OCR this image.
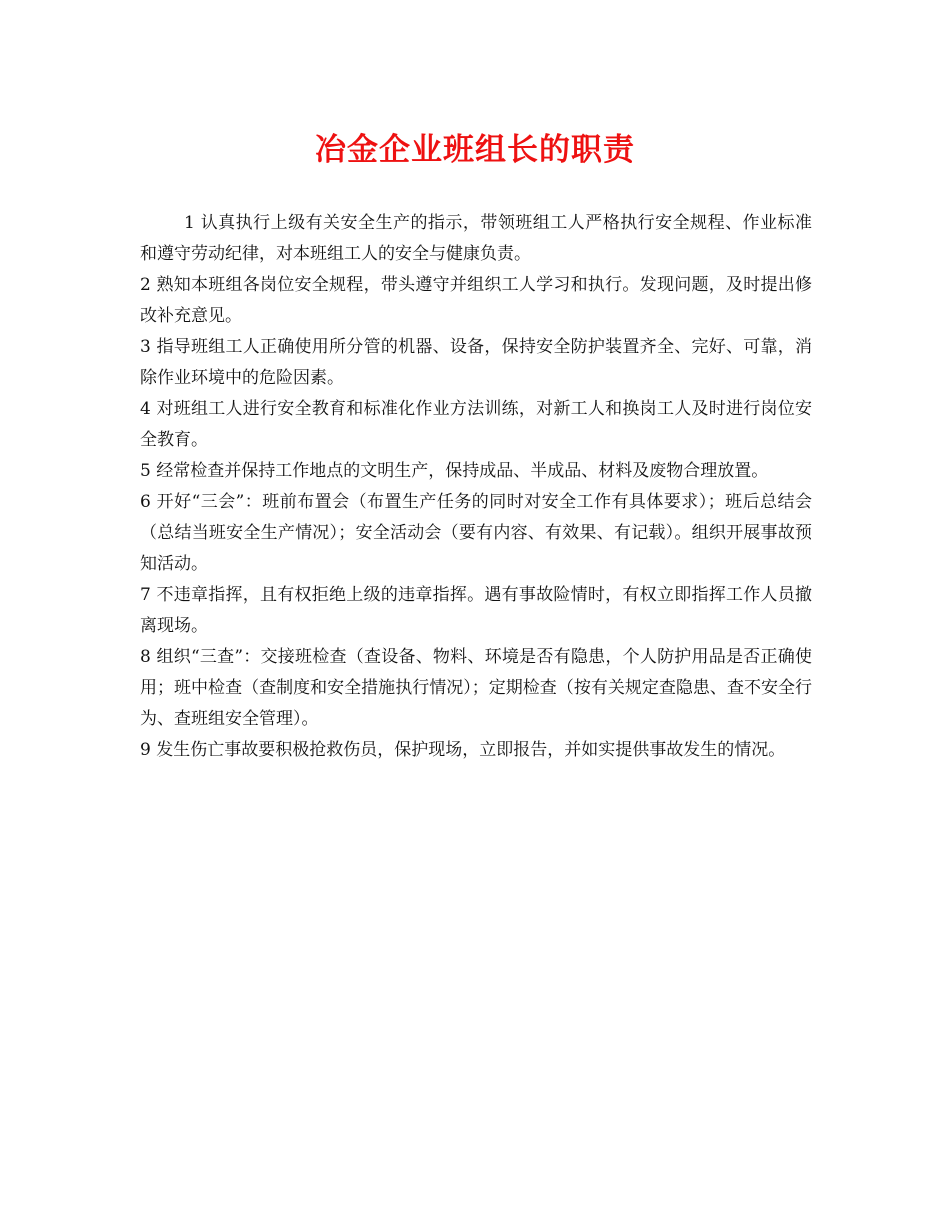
冶金企业班组长的职责

1 认真执行上级有关安全生产的指示，带领班组工人严格执行安全规程、作业标准和遵守劳动纪律，对本班组工人的安全与健康负责。

2 熟知本班组各岗位安全规程，带头遵守并组织工人学习和执行。发现问题，及时提出修改补充意见。

3 指导班组工人正确使用所分管的机器、设备，保持安全防护装置齐全、完好、可靠，消除作业环境中的危险因素。

4 对班组工人进行安全教育和标准化作业方法训练，对新工人和换岗工人及时进行岗位安全教育。

5 经常检查并保持工作地点的文明生产，保持成品、半成品、材料及废物合理放置。

6 开好“三会”：班前布置会（布置生产任务的同时对安全工作有具体要求）；班后总结会（总结当班安全生产情况）；安全活动会（要有内容、有效果、有记载）。组织开展事故预知活动。

7 不违章指挥，且有权拒绝上级的违章指挥。遇有事故险情时，有权立即指挥工作人员撤离现场。

8 组织“三查”：交接班检查（查设备、物料、环境是否有隐患，个人防护用品是否正确使用；班中检查（查制度和安全措施执行情况）；定期检查（按有关规定查隐患、查不安全行为、查班组安全管理）。

9 发生伤亡事故要积极抢救伤员，保护现场，立即报告，并如实提供事故发生的情况。
